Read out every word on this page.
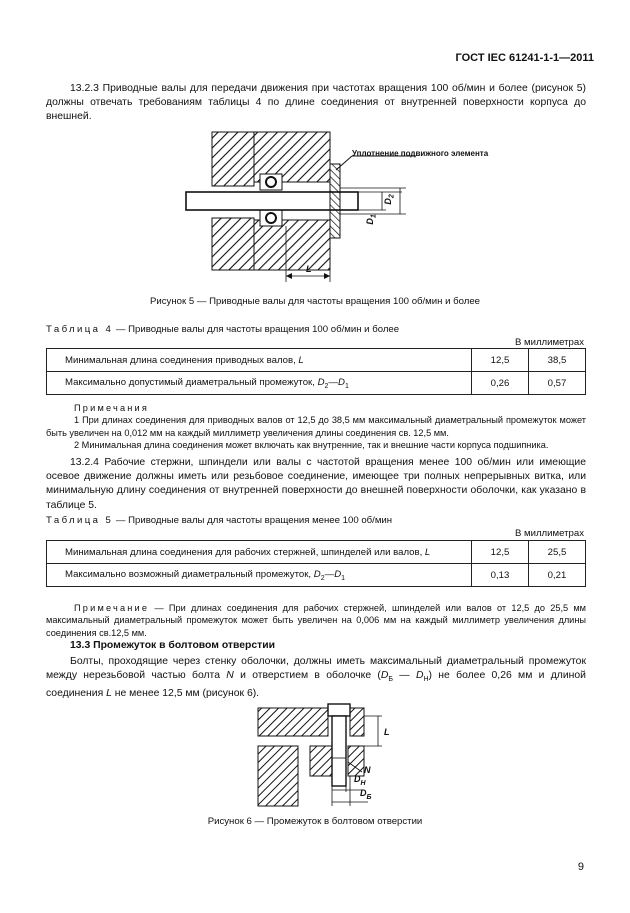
ГОСТ IEC 61241-1-1—2011
13.2.3 Приводные валы для передачи движения при частотах вращения 100 об/мин и более (рисунок 5) должны отвечать требованиям таблицы 4 по длине соединения от внутренней поверхности корпуса до внешней.
Уплотнение подвижного элемента
L
$D_1$
$D_2$
Рисунок 5 — Приводные валы для частоты вращения 100 об/мин и более
Таблица 4 — Приводные валы для частоты вращения 100 об/мин и более
В миллиметрах
Минимальная длина соединения приводных валов, L	12,5	38,5
Максимально допустимый диаметральный промежуток, $D_2—D_1$	0,26	0,57
Примечания
1 При длинах соединения для приводных валов от 12,5 до 38,5 мм максимальный диаметральный промежуток может быть увеличен на 0,012 мм на каждый миллиметр увеличения длины соединения св. 12,5 мм.
2 Минимальная длина соединения может включать как внутренние, так и внешние части корпуса подшипника.
13.2.4 Рабочие стержни, шпиндели или валы с частотой вращения менее 100 об/мин или имеющие осевое движение должны иметь или резьбовое соединение, имеющее три полных непрерывных витка, или минимальную длину соединения от внутренней поверхности до внешней поверхности оболочки, как указано в таблице 5.
Таблица 5 — Приводные валы для частоты вращения менее 100 об/мин
В миллиметрах
Минимальная длина соединения для рабочих стержней, шпинделей или валов, L	12,5	25,5
Максимально возможный диаметральный промежуток, $D_2—D_1$	0,13	0,21
Примечание — При длинах соединения для рабочих стержней, шпинделей или валов от 12,5 до 25,5 мм максимальный диаметральный промежуток может быть увеличен на 0,006 мм на каждый миллиметр увеличения длины соединения св.12,5 мм.
13.3 Промежуток в болтовом отверстии
Болты, проходящие через стенку оболочки, должны иметь максимальный диаметральный промежуток между нерезьбовой частью болта N и отверстием в оболочке ($D_Б$ — $D_Н$) не более 0,26 мм и длиной соединения L не менее 12,5 мм (рисунок 6).
L
N
$D_H$
$D_Б$
Рисунок 6 — Промежуток в болтовом отверстии
9
